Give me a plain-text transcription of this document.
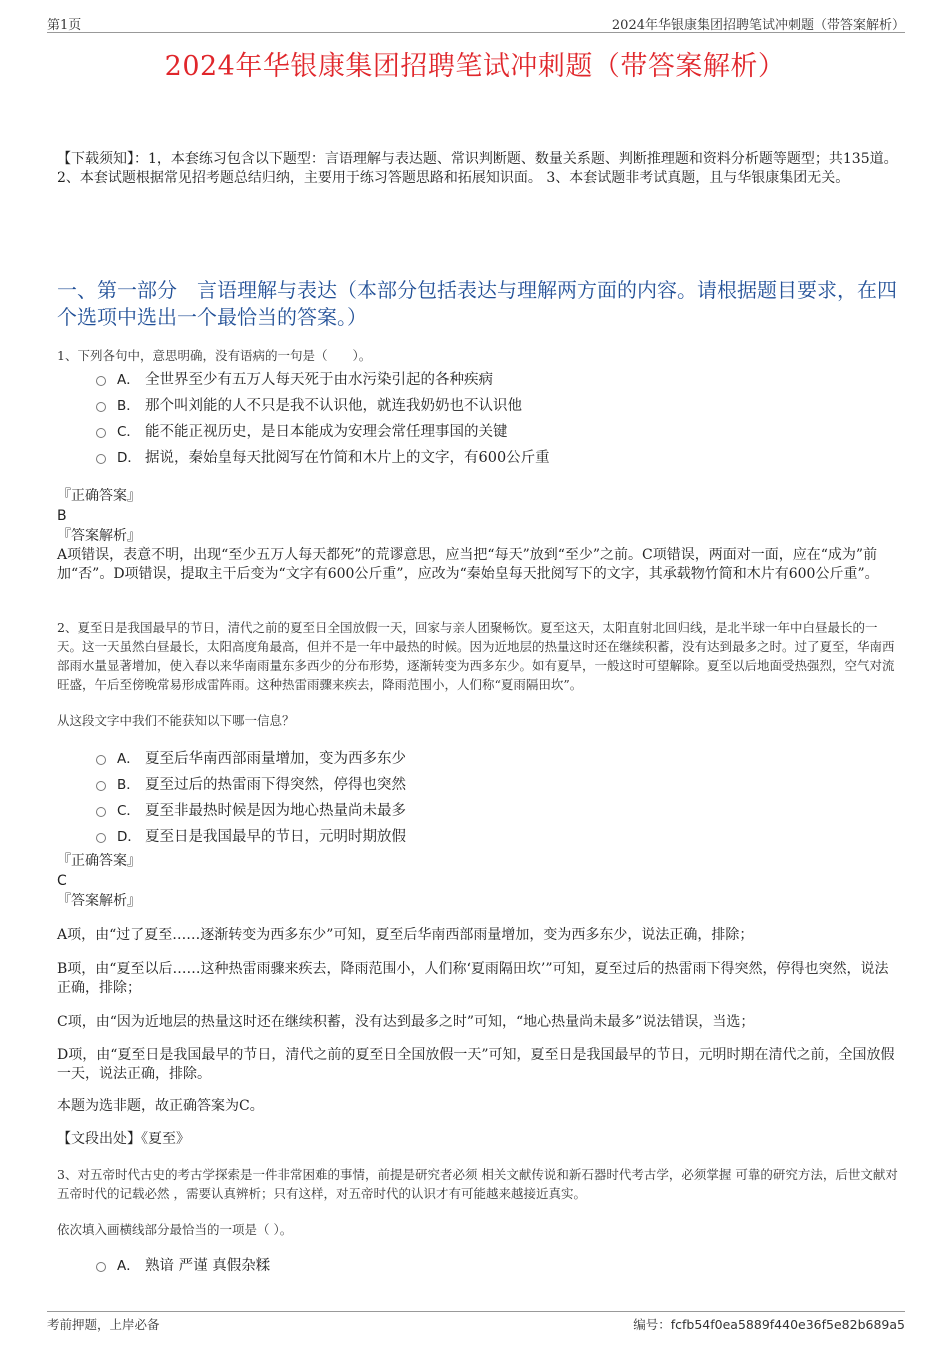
第1页	2024年华银康集团招聘笔试冲刺题（带答案解析）
2024年华银康集团招聘笔试冲刺题（带答案解析）
【下载须知】：1，本套练习包含以下题型：言语理解与表达题、常识判断题、数量关系题、判断推理题和资料分析题等题型；共135道。 2、本套试题根据常见招考题总结归纳，主要用于练习答题思路和拓展知识面。 3、本套试题非考试真题，且与华银康集团无关。
一、第一部分　言语理解与表达（本部分包括表达与理解两方面的内容。请根据题目要求，在四个选项中选出一个最恰当的答案。）
1、下列各句中，意思明确，没有语病的一句是（　　）。
A． 全世界至少有五万人每天死于由水污染引起的各种疾病
B． 那个叫刘能的人不只是我不认识他，就连我奶奶也不认识他
C． 能不能正视历史，是日本能成为安理会常任理事国的关键
D． 据说，秦始皇每天批阅写在竹简和木片上的文字，有600公斤重
『正确答案』
B
『答案解析』
A项错误，表意不明，出现“至少五万人每天都死”的荒谬意思，应当把“每天”放到“至少”之前。C项错误，两面对一面，应在“成为”前加“否”。D项错误，提取主干后变为“文字有600公斤重”，应改为“秦始皇每天批阅写下的文字，其承载物竹简和木片有600公斤重”。
2、夏至日是我国最早的节日，清代之前的夏至日全国放假一天，回家与亲人团聚畅饮。夏至这天，太阳直射北回归线，是北半球一年中白昼最长的一天。这一天虽然白昼最长，太阳高度角最高，但并不是一年中最热的时候。因为近地层的热量这时还在继续积蓄，没有达到最多之时。过了夏至，华南西部雨水量显著增加，使入春以来华南雨量东多西少的分布形势，逐渐转变为西多东少。如有夏旱，一般这时可望解除。夏至以后地面受热强烈，空气对流旺盛，午后至傍晚常易形成雷阵雨。这种热雷雨骤来疾去，降雨范围小，人们称“夏雨隔田坎”。
从这段文字中我们不能获知以下哪一信息？
A． 夏至后华南西部雨量增加，变为西多东少
B． 夏至过后的热雷雨下得突然，停得也突然
C． 夏至非最热时候是因为地心热量尚未最多
D． 夏至日是我国最早的节日，元明时期放假
『正确答案』
C
『答案解析』
A项，由“过了夏至……逐渐转变为西多东少”可知，夏至后华南西部雨量增加，变为西多东少，说法正确，排除；
B项，由“夏至以后……这种热雷雨骤来疾去，降雨范围小，人们称‘夏雨隔田坎’”可知，夏至过后的热雷雨下得突然，停得也突然，说法正确，排除；
C项，由“因为近地层的热量这时还在继续积蓄，没有达到最多之时”可知，“地心热量尚未最多”说法错误，当选；
D项，由“夏至日是我国最早的节日，清代之前的夏至日全国放假一天”可知，夏至日是我国最早的节日，元明时期在清代之前，全国放假一天，说法正确，排除。
本题为选非题，故正确答案为C。
【文段出处】《夏至》
3、对五帝时代古史的考古学探索是一件非常困难的事情，前提是研究者必须 相关文献传说和新石器时代考古学，必须掌握 可靠的研究方法，后世文献对五帝时代的记载必然 ，需要认真辨析；只有这样，对五帝时代的认识才有可能越来越接近真实。
依次填入画横线部分最恰当的一项是（ ）。
A． 熟谙 严谨 真假杂糅
考前押题，上岸必备	编号：fcfb54f0ea5889f440e36f5e82b689a5
